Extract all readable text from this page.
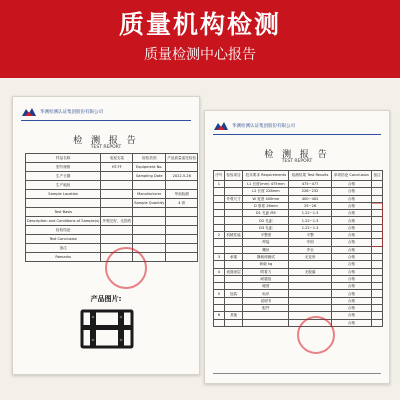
质量机构检测
质量检测中心报告
华测检测认证集团股份有限公司
检 测 报 告
TEST REPORT
样品名称	电视支架	检验类别	产品质量委托检验
型号规格	HT-FF	Equipment No.	
生产日期		Sampling Date	2022.5.26
生产地址			
Sample Location		Manufacturer	华南检测
		Sample Quantity	4 套
Test Basis			
Description and Conditions of Sample(s)	外观完好，无损伤		
检验结论			
Test Conclusion			
备注			
Remarks			
产品图片:
华测检测认证集团股份有限公司
检 测 报 告
TEST REPORT
序号	检验项目	技术要求 Requirements	检测结果 Test Results	单项结论 Conclusion	备注
1		L1 长度(mm) 475mm	475~477	合格	
		L2 长度 228mm	228~232	合格	
	外观尺寸	W 宽度 400mm	400~402	合格	
		D 厚度 26mm	25~26	合格	
		D1 孔距 M5	1.22~1.3	合格	
		D2 孔距	1.22~1.3	合格	
		D3 孔距	1.22~1.3	合格	
2	机械性能	平整度	平整	合格	
		焊接	牢固	合格	
		螺丝	齐全	合格	
3	承重	静载荷测试	无变形	合格	
		荷载 kg		合格	
4	表面涂层	附着力	无脱落	合格	
		耐腐蚀		合格	
		硬度		合格	
5	包装	标识		合格	
		说明书		合格	
		配件		合格	
6	其他			合格	
				合格	
